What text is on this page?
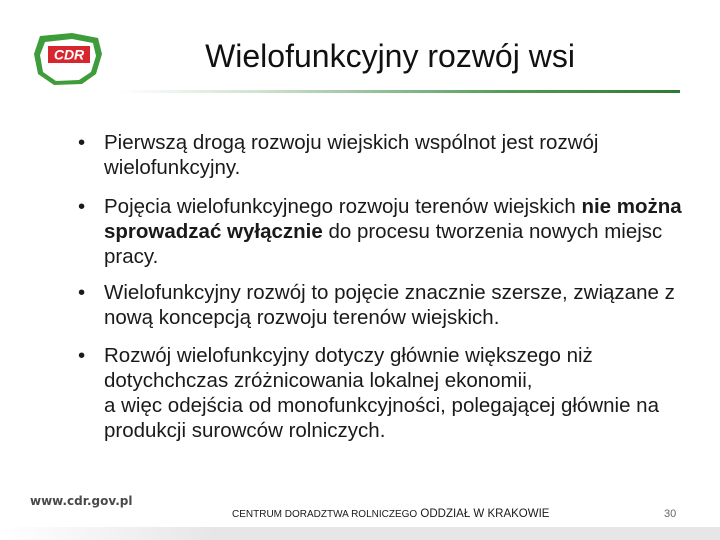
CDR	Wielofunkcyjny rozwój wsi
• Pierwszą drogą rozwoju wiejskich wspólnot jest rozwój wielofunkcyjny.
• Pojęcia wielofunkcyjnego rozwoju terenów wiejskich nie można sprowadzać wyłącznie do procesu tworzenia nowych miejsc pracy.
• Wielofunkcyjny rozwój to pojęcie znacznie szersze, związane z nową koncepcją rozwoju terenów wiejskich.
• Rozwój wielofunkcyjny dotyczy głównie większego niż dotychchczas zróżnicowania lokalnej ekonomii,
a więc odejścia od monofunkcyjności, polegającej głównie na produkcji surowców rolniczych.
www.cdr.gov.pl
CENTRUM DORADZTWA ROLNICZEGO ODDZIAŁ W KRAKOWIE	30
